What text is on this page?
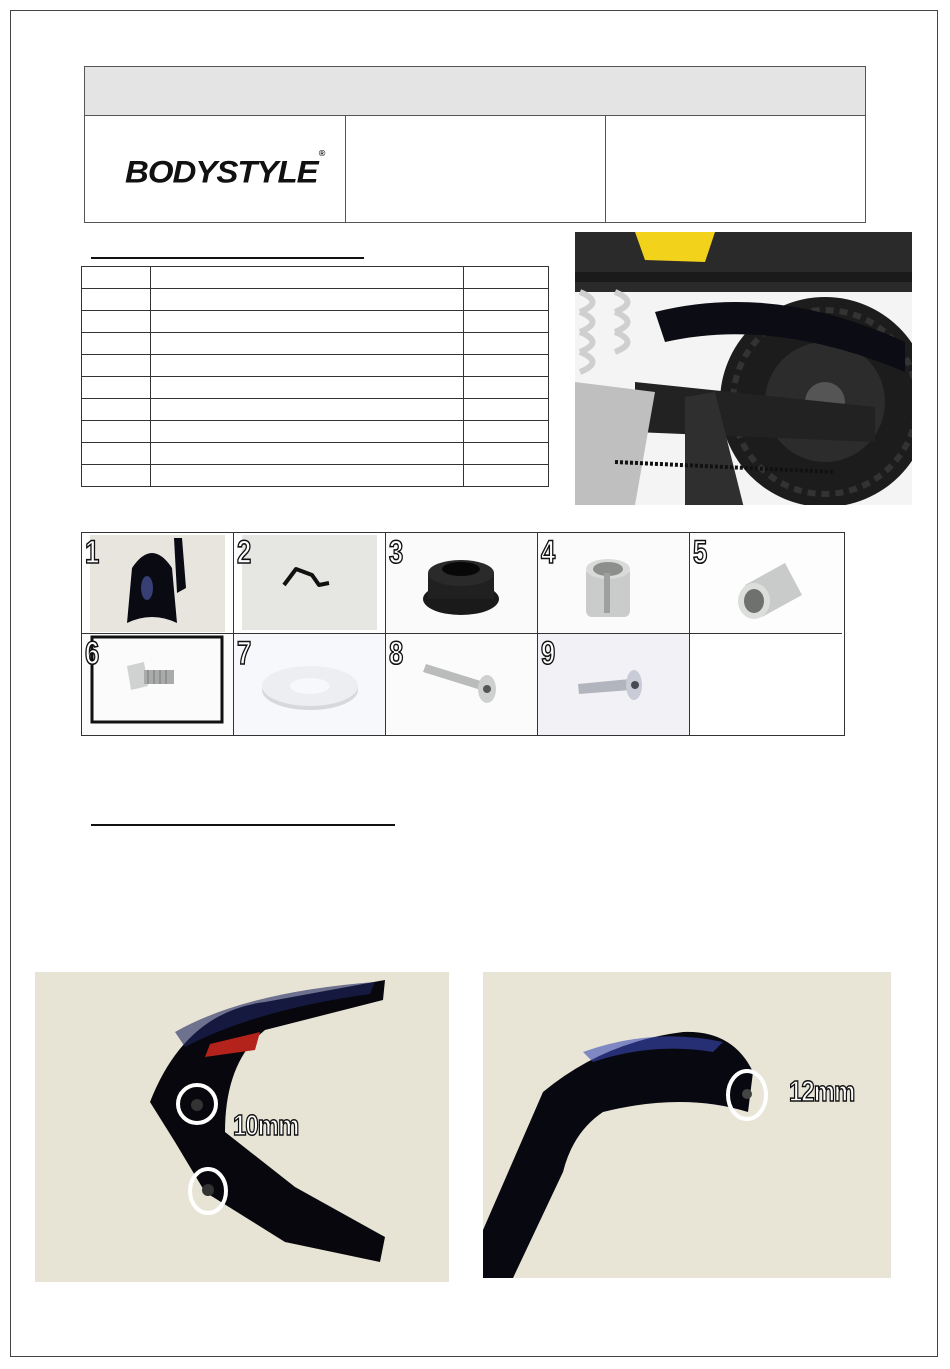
BODYSTYLE®

1	2	3	4	5
6	7	8	9
10mm
12mm
